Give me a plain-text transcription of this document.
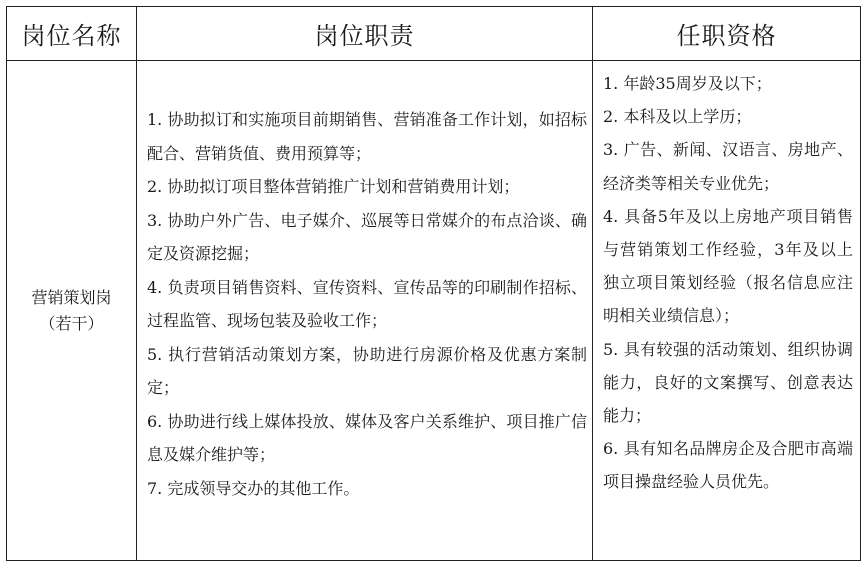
岗位名称	岗位职责	任职资格
营销策划岗
（若干）
1. 协助拟订和实施项目前期销售、营销准备工作计划，如招标配合、营销货值、费用预算等；
2. 协助拟订项目整体营销推广计划和营销费用计划；
3. 协助户外广告、电子媒介、巡展等日常媒介的布点洽谈、确定及资源挖掘；
4. 负责项目销售资料、宣传资料、宣传品等的印刷制作招标、过程监管、现场包装及验收工作；
5. 执行营销活动策划方案，协助进行房源价格及优惠方案制定；
6. 协助进行线上媒体投放、媒体及客户关系维护、项目推广信息及媒介维护等；
7. 完成领导交办的其他工作。
1. 年龄35周岁及以下；
2. 本科及以上学历；
3. 广告、新闻、汉语言、房地产、经济类等相关专业优先；
4. 具备5年及以上房地产项目销售与营销策划工作经验，3年及以上独立项目策划经验（报名信息应注明相关业绩信息）；
5. 具有较强的活动策划、组织协调能力，良好的文案撰写、创意表达能力；
6. 具有知名品牌房企及合肥市高端项目操盘经验人员优先。
